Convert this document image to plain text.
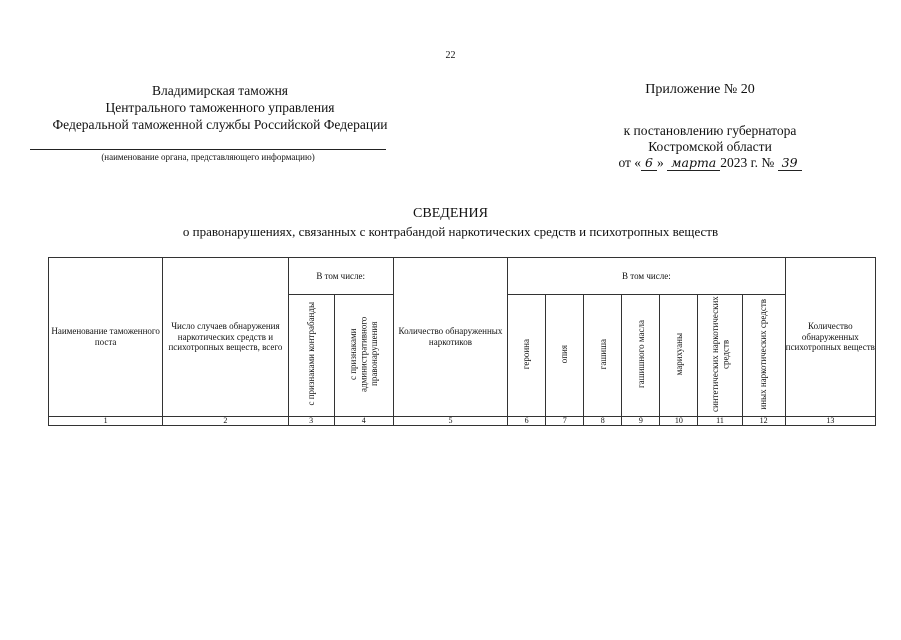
22
Владимирская таможня
Центрального таможенного управления
Федеральной таможенной службы Российской Федерации
(наименование органа, представляющего информацию)
Приложение № 20
к постановлению губернатора
Костромской области
от « 6 » марта 2023 г. № 39
СВЕДЕНИЯ
о правонарушениях, связанных с контрабандой наркотических средств и психотропных веществ
Наименование таможенного поста	Число случаев обнаружения наркотических средств и психотропных веществ, всего	В том числе:		Количество обнаруженных наркотиков	В том числе:							Количество обнаруженных психотропных веществ
		с признаками контрабанды	с признаками административного правонарушения		героина	опия	гашиша	гашишного масла	марихуаны	синтетических наркотических средств	иных наркотических средств	
1	2	3	4	5	6	7	8	9	10	11	12	13
